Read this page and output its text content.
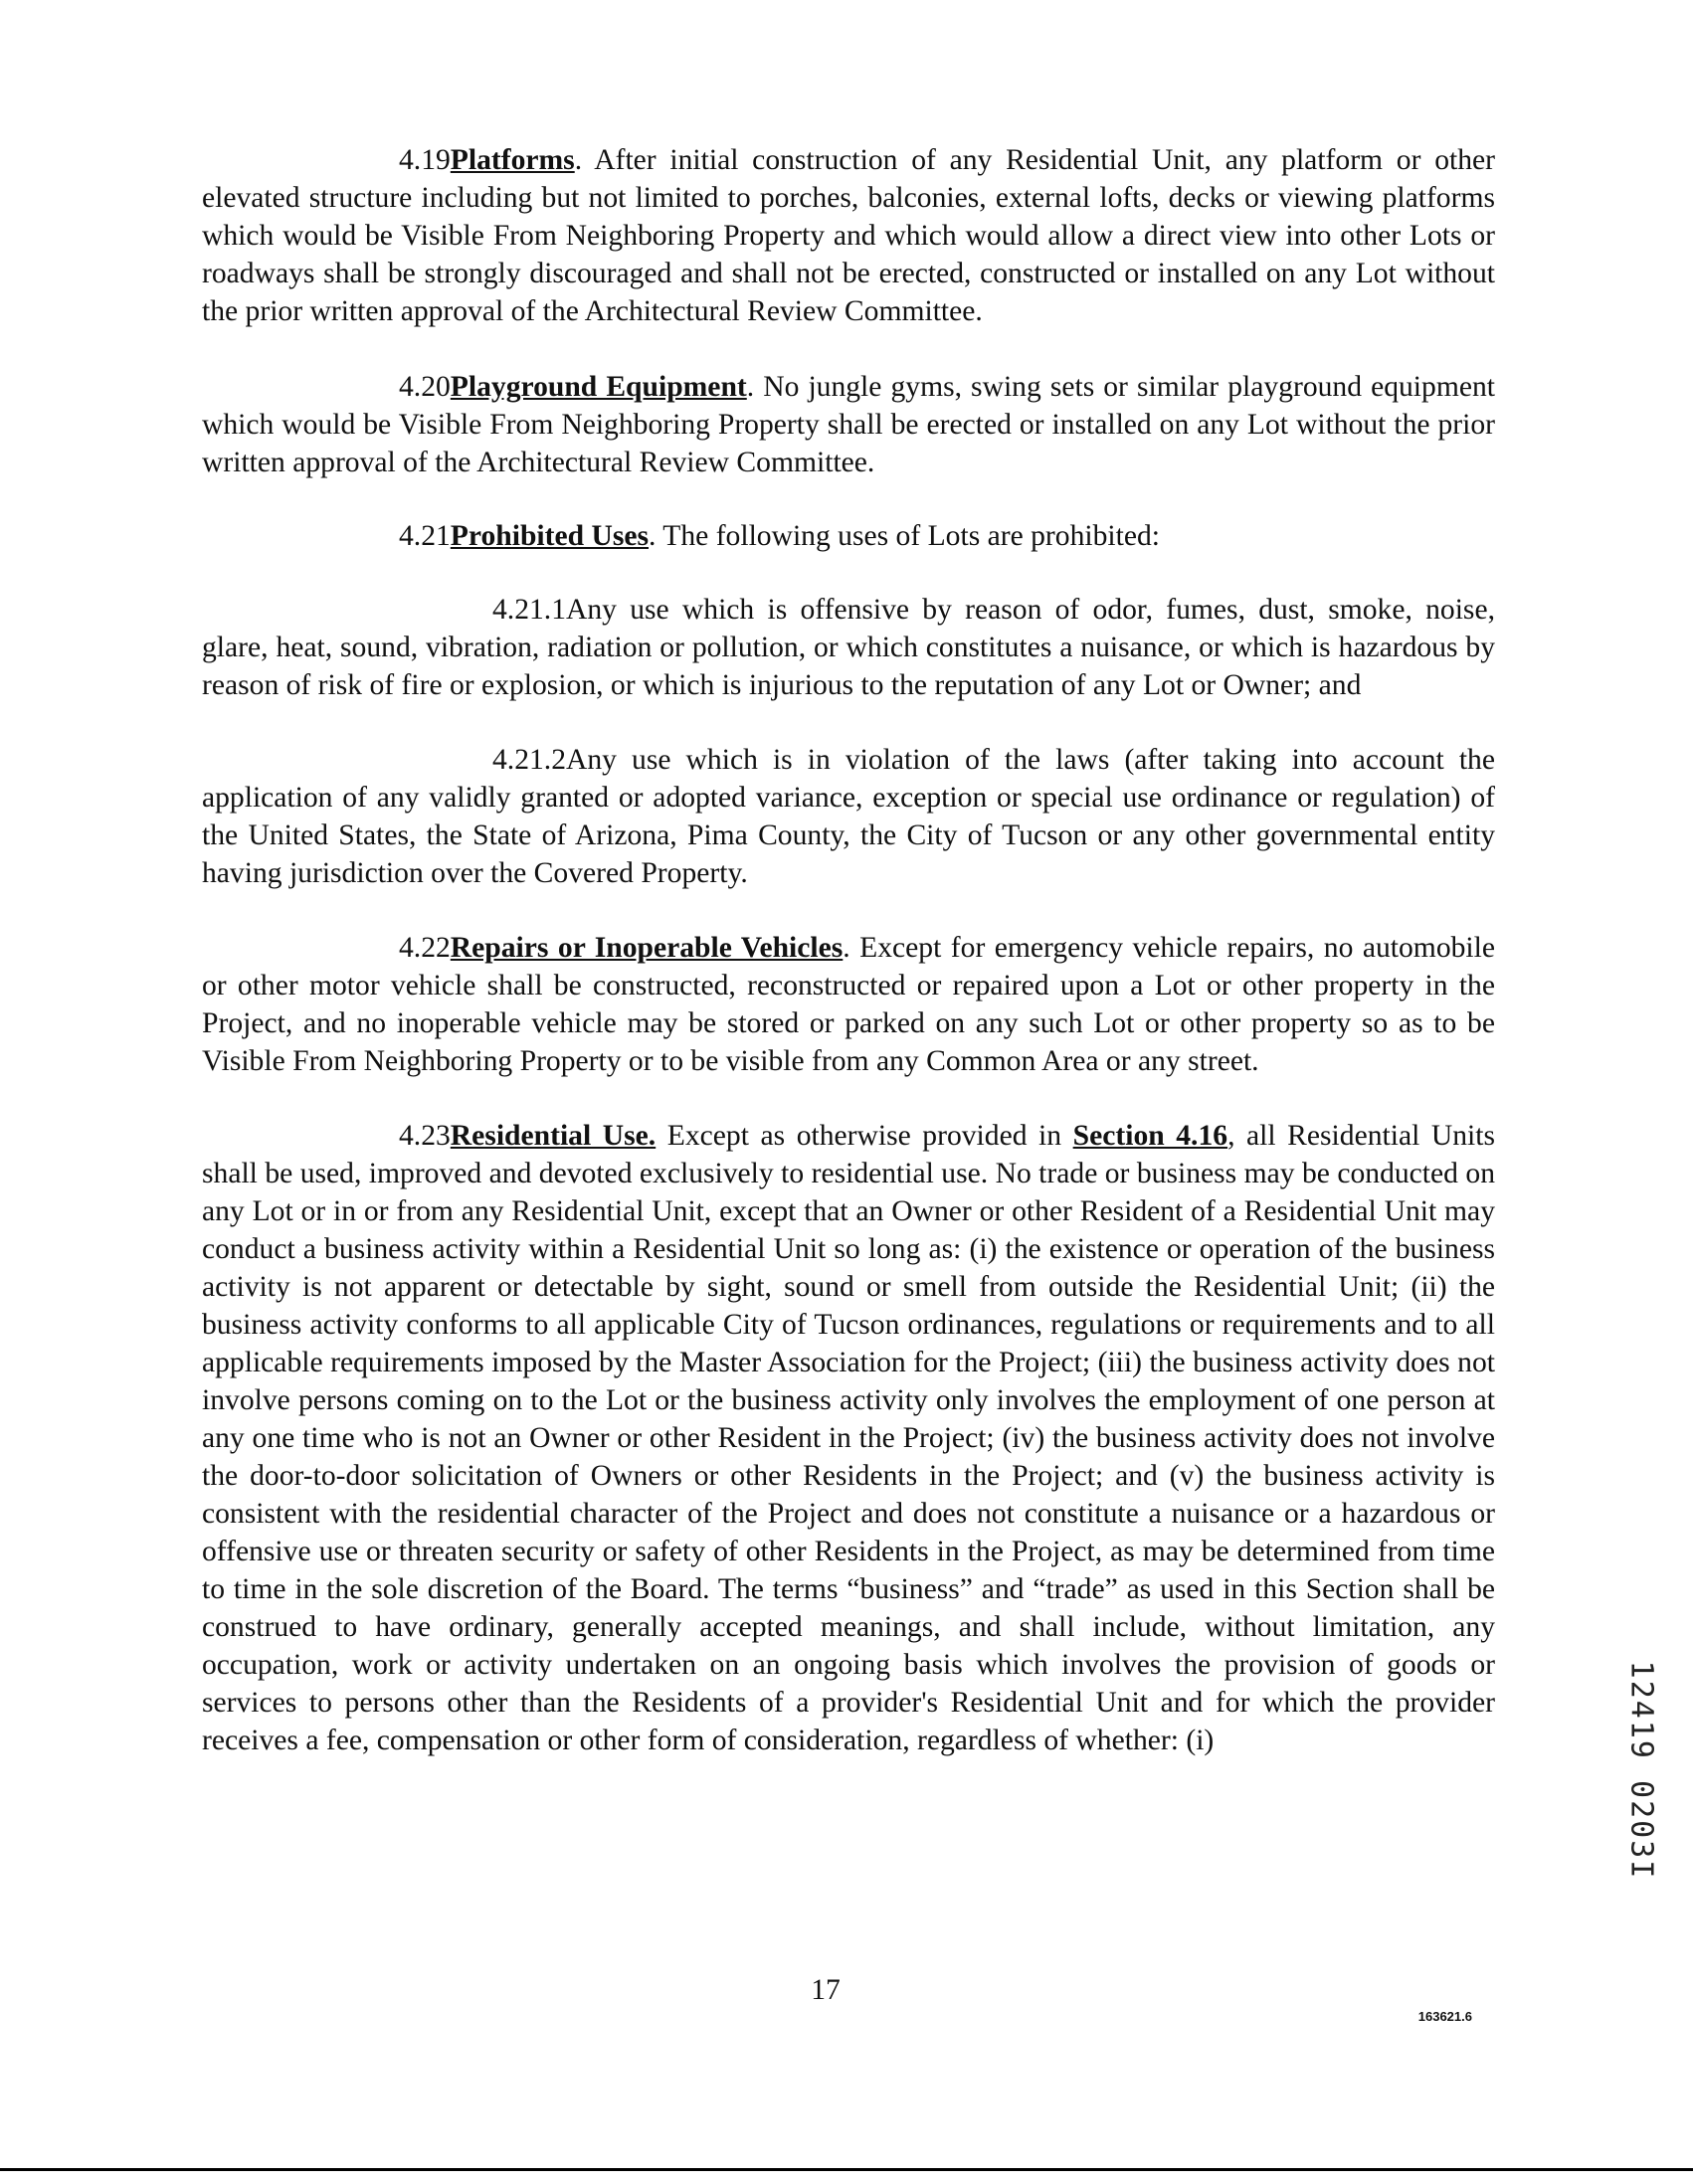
4.19Platforms. After initial construction of any Residential Unit, any platform or other elevated structure including but not limited to porches, balconies, external lofts, decks or viewing platforms which would be Visible From Neighboring Property and which would allow a direct view into other Lots or roadways shall be strongly discouraged and shall not be erected, constructed or installed on any Lot without the prior written approval of the Architectural Review Committee.

4.20Playground Equipment. No jungle gyms, swing sets or similar playground equipment which would be Visible From Neighboring Property shall be erected or installed on any Lot without the prior written approval of the Architectural Review Committee.

4.21Prohibited Uses. The following uses of Lots are prohibited:

4.21.1Any use which is offensive by reason of odor, fumes, dust, smoke, noise, glare, heat, sound, vibration, radiation or pollution, or which constitutes a nuisance, or which is hazardous by reason of risk of fire or explosion, or which is injurious to the reputation of any Lot or Owner; and

4.21.2Any use which is in violation of the laws (after taking into account the application of any validly granted or adopted variance, exception or special use ordinance or regulation) of the United States, the State of Arizona, Pima County, the City of Tucson or any other governmental entity having jurisdiction over the Covered Property.

4.22Repairs or Inoperable Vehicles. Except for emergency vehicle repairs, no automobile or other motor vehicle shall be constructed, reconstructed or repaired upon a Lot or other property in the Project, and no inoperable vehicle may be stored or parked on any such Lot or other property so as to be Visible From Neighboring Property or to be visible from any Common Area or any street.

4.23Residential Use. Except as otherwise provided in Section 4.16, all Residential Units shall be used, improved and devoted exclusively to residential use. No trade or business may be conducted on any Lot or in or from any Residential Unit, except that an Owner or other Resident of a Residential Unit may conduct a business activity within a Residential Unit so long as: (i) the existence or operation of the business activity is not apparent or detectable by sight, sound or smell from outside the Residential Unit; (ii) the business activity conforms to all applicable City of Tucson ordinances, regulations or requirements and to all applicable requirements imposed by the Master Association for the Project; (iii) the business activity does not involve persons coming on to the Lot or the business activity only involves the employment of one person at any one time who is not an Owner or other Resident in the Project; (iv) the business activity does not involve the door-to-door solicitation of Owners or other Residents in the Project; and (v) the business activity is consistent with the residential character of the Project and does not constitute a nuisance or a hazardous or offensive use or threaten security or safety of other Residents in the Project, as may be determined from time to time in the sole discretion of the Board. The terms “business” and “trade” as used in this Section shall be construed to have ordinary, generally accepted meanings, and shall include, without limitation, any occupation, work or activity undertaken on an ongoing basis which involves the provision of goods or services to persons other than the Residents of a provider's Residential Unit and for which the provider receives a fee, compensation or other form of consideration, regardless of whether: (i)	12419 0203I
17
163621.6
